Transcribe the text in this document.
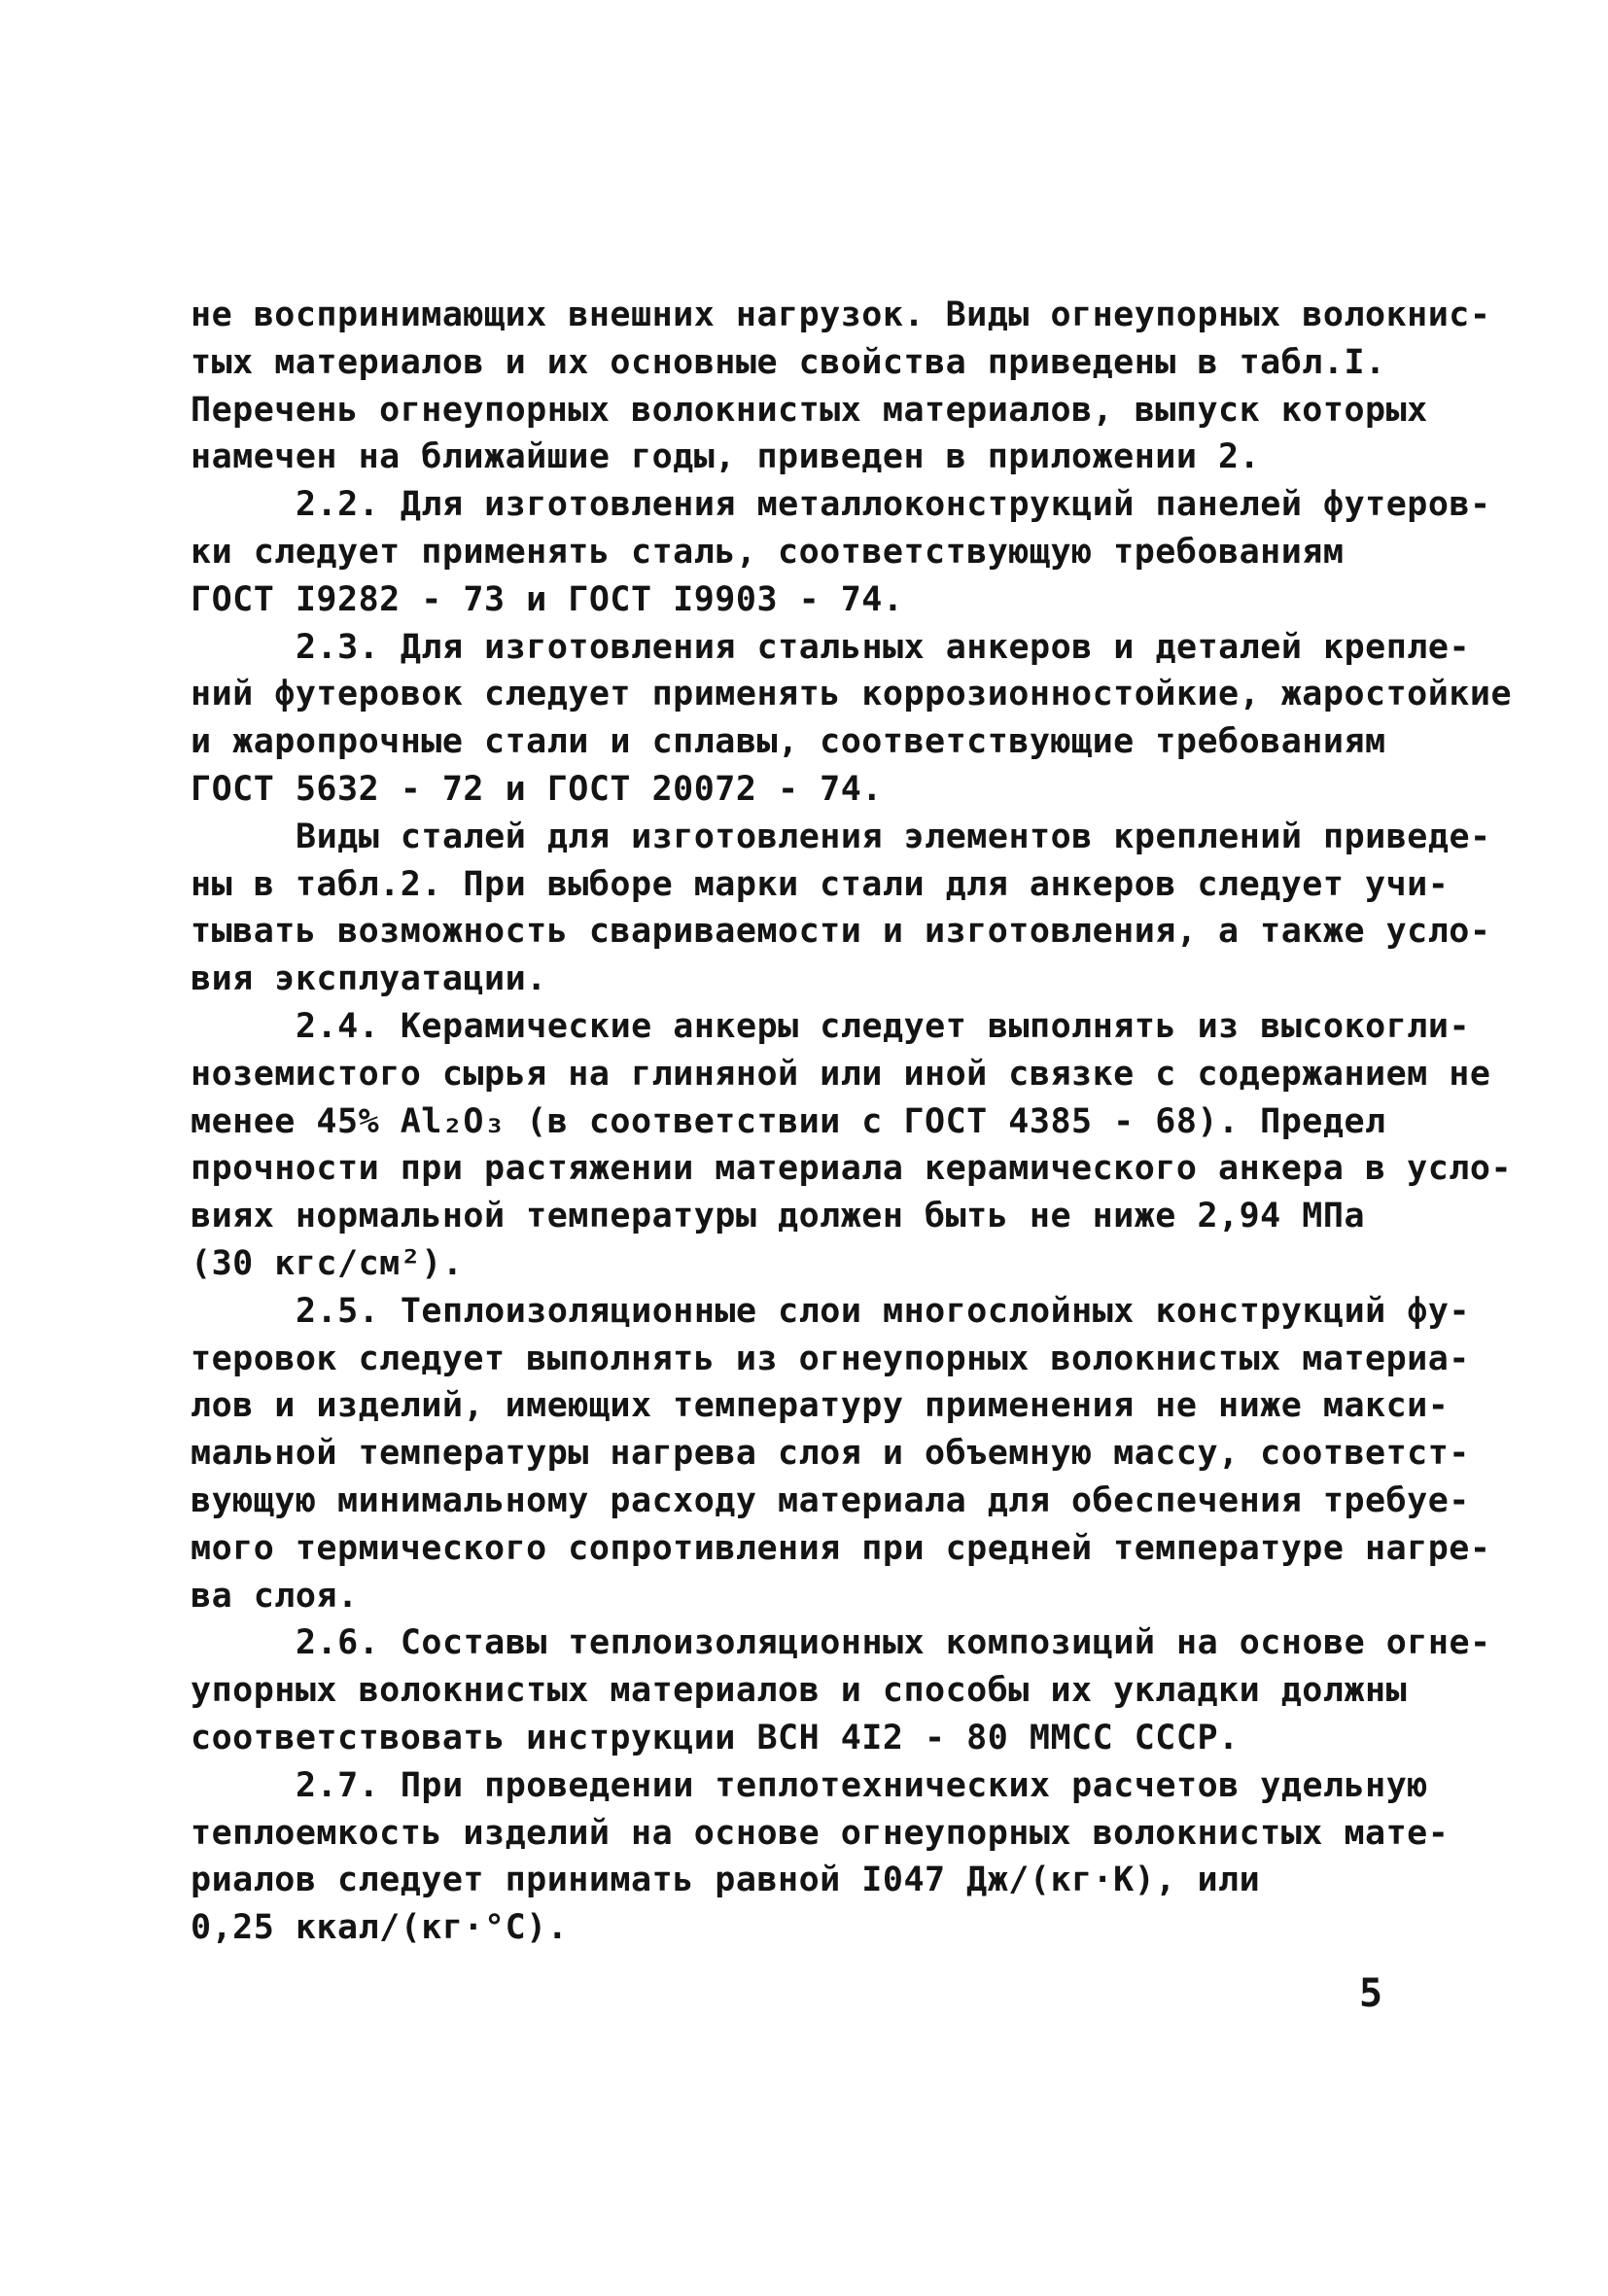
не воспринимающих внешних нагрузок. Виды огнеупорных волокнис-
тых материалов и их основные свойства приведены в табл.I.
Перечень огнеупорных волокнистых материалов, выпуск которых
намечен на ближайшие годы, приведен в приложении 2.
2.2. Для изготовления металлоконструкций панелей футеров-
ки следует применять сталь, соответствующую требованиям
ГОСТ I9282 - 73 и ГОСТ I9903 - 74.
2.3. Для изготовления стальных анкеров и деталей крепле-
ний футеровок следует применять коррозионностойкие, жаростойкие
и жаропрочные стали и сплавы, соответствующие требованиям
ГОСТ 5632 - 72 и ГОСТ 20072 - 74.
Виды сталей для изготовления элементов креплений приведе-
ны в табл.2. При выборе марки стали для анкеров следует учи-
тывать возможность свариваемости и изготовления, а также усло-
вия эксплуатации.
2.4. Керамические анкеры следует выполнять из высокогли-
ноземистого сырья на глиняной или иной связке с содержанием не
менее 45% Al₂O₃ (в соответствии с ГОСТ 4385 - 68). Предел
прочности при растяжении материала керамического анкера в усло-
виях нормальной температуры должен быть не ниже 2,94 МПа
(30 кгс/см²).
2.5. Теплоизоляционные слои многослойных конструкций фу-
теровок следует выполнять из огнеупорных волокнистых материа-
лов и изделий, имеющих температуру применения не ниже макси-
мальной температуры нагрева слоя и объемную массу, соответст-
вующую минимальному расходу материала для обеспечения требуе-
мого термического сопротивления при средней температуре нагре-
ва слоя.
2.6. Составы теплоизоляционных композиций на основе огне-
упорных волокнистых материалов и способы их укладки должны
соответствовать инструкции ВСН 4I2 - 80 ММСС СССР.
2.7. При проведении теплотехнических расчетов удельную
теплоемкость изделий на основе огнеупорных волокнистых мате-
риалов следует принимать равной I047 Дж/(кг·К), или
0,25 ккал/(кг·°С).
5
